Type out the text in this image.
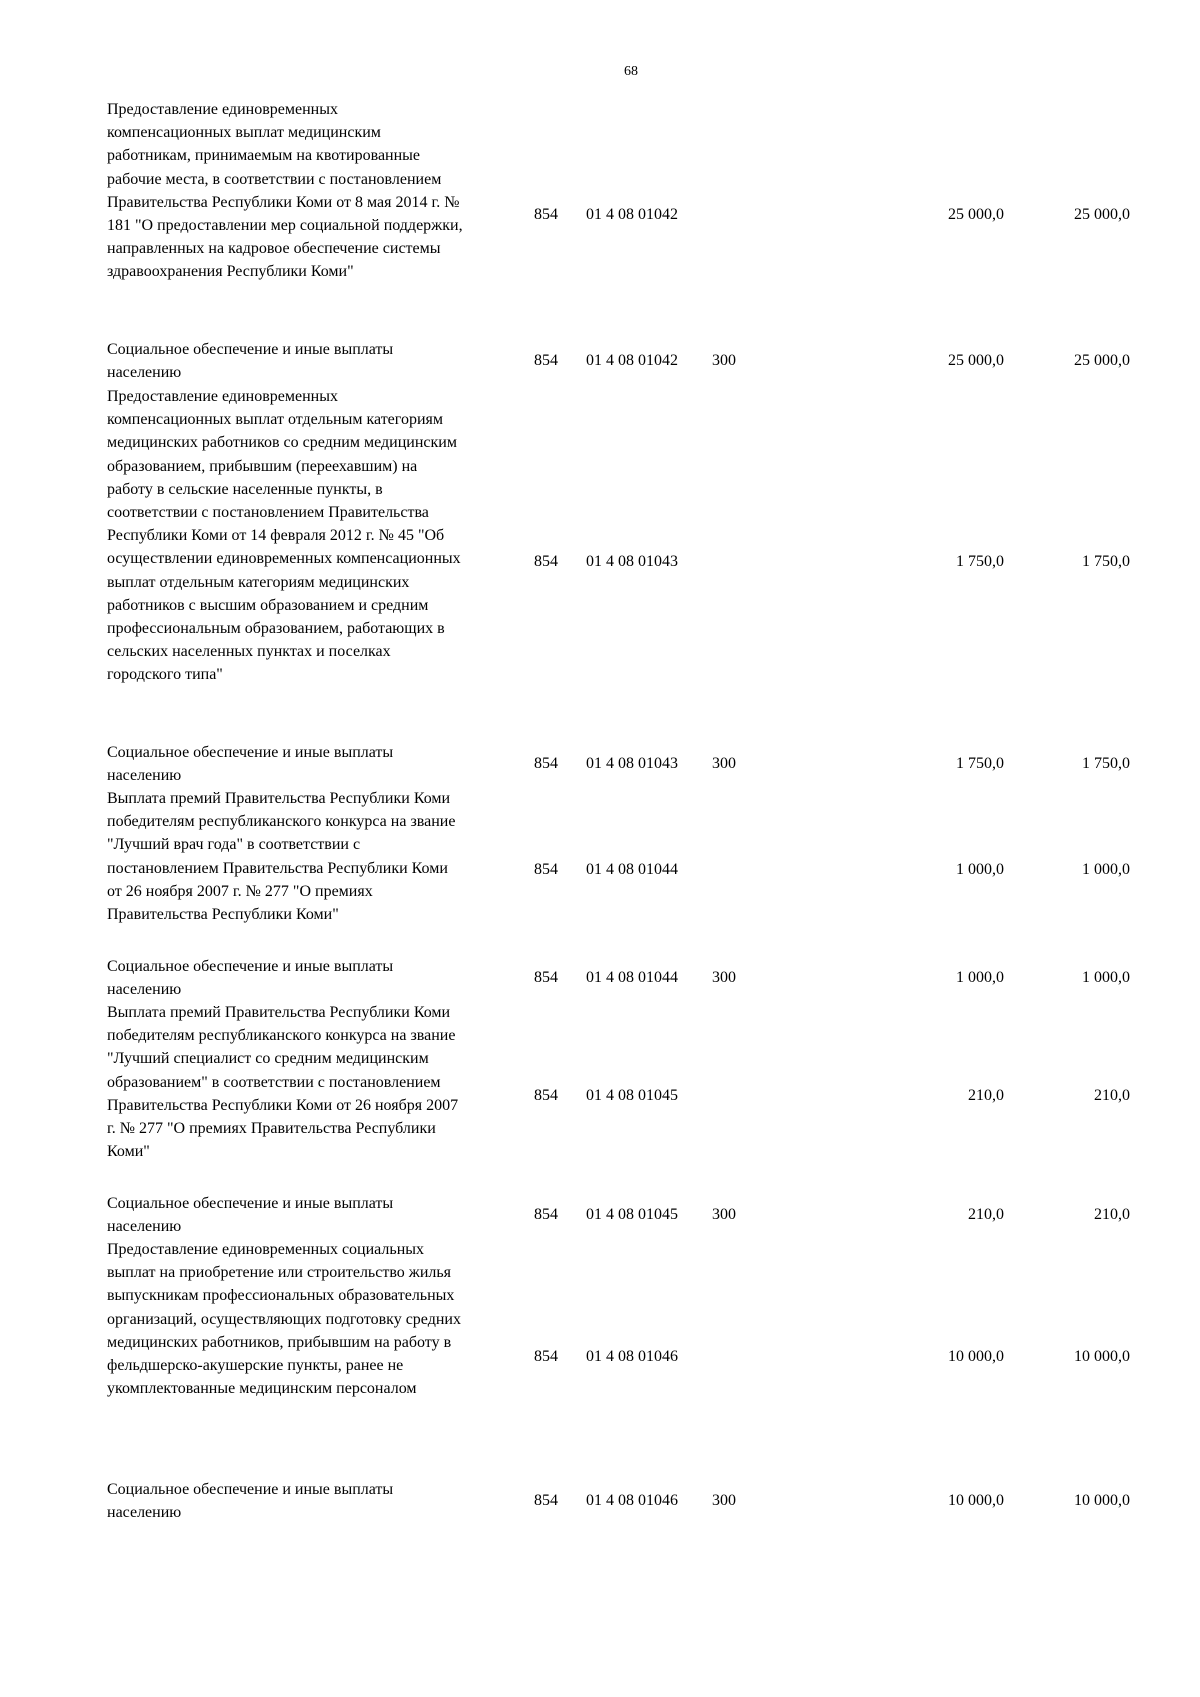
68
Предоставление единовременных
компенсационных выплат медицинским
работникам, принимаемым на квотированные
рабочие места, в соответствии с постановлением
Правительства Республики Коми от 8 мая 2014 г. №
181 "О предоставлении мер социальной поддержки,
направленных на кадровое обеспечение системы
здравоохранения Республики Коми"
854 01 4 08 01042	25 000,0	25 000,0
Социальное обеспечение и иные выплаты
населению
854 01 4 08 01042 300	25 000,0	25 000,0
Предоставление единовременных
компенсационных выплат отдельным категориям
медицинских работников со средним медицинским
образованием, прибывшим (переехавшим) на
работу в сельские населенные пункты, в
соответствии с постановлением Правительства
Республики Коми от 14 февраля 2012 г. № 45 "Об
осуществлении единовременных компенсационных
выплат отдельным категориям медицинских
работников с высшим образованием и средним
профессиональным образованием, работающих в
сельских населенных пунктах и поселках
городского типа"
854 01 4 08 01043	1 750,0	1 750,0
Социальное обеспечение и иные выплаты
населению
854 01 4 08 01043 300	1 750,0	1 750,0
Выплата премий Правительства Республики Коми
победителям республиканского конкурса на звание
"Лучший врач года" в соответствии с
постановлением Правительства Республики Коми
от 26 ноября 2007 г. № 277 "О премиях
Правительства Республики Коми"
854 01 4 08 01044	1 000,0	1 000,0
Социальное обеспечение и иные выплаты
населению
854 01 4 08 01044 300	1 000,0	1 000,0
Выплата премий Правительства Республики Коми
победителям республиканского конкурса на звание
"Лучший специалист со средним медицинским
образованием" в соответствии с постановлением
Правительства Республики Коми от 26 ноября 2007
г. № 277 "О премиях Правительства Республики
Коми"
854 01 4 08 01045	210,0	210,0
Социальное обеспечение и иные выплаты
населению
854 01 4 08 01045 300	210,0	210,0
Предоставление единовременных социальных
выплат на приобретение или строительство жилья
выпускникам профессиональных образовательных
организаций, осуществляющих подготовку средних
медицинских работников, прибывшим на работу в
фельдшерско-акушерские пункты, ранее не
укомплектованные медицинским персоналом
854 01 4 08 01046	10 000,0	10 000,0
Социальное обеспечение и иные выплаты
населению
854 01 4 08 01046 300	10 000,0	10 000,0
